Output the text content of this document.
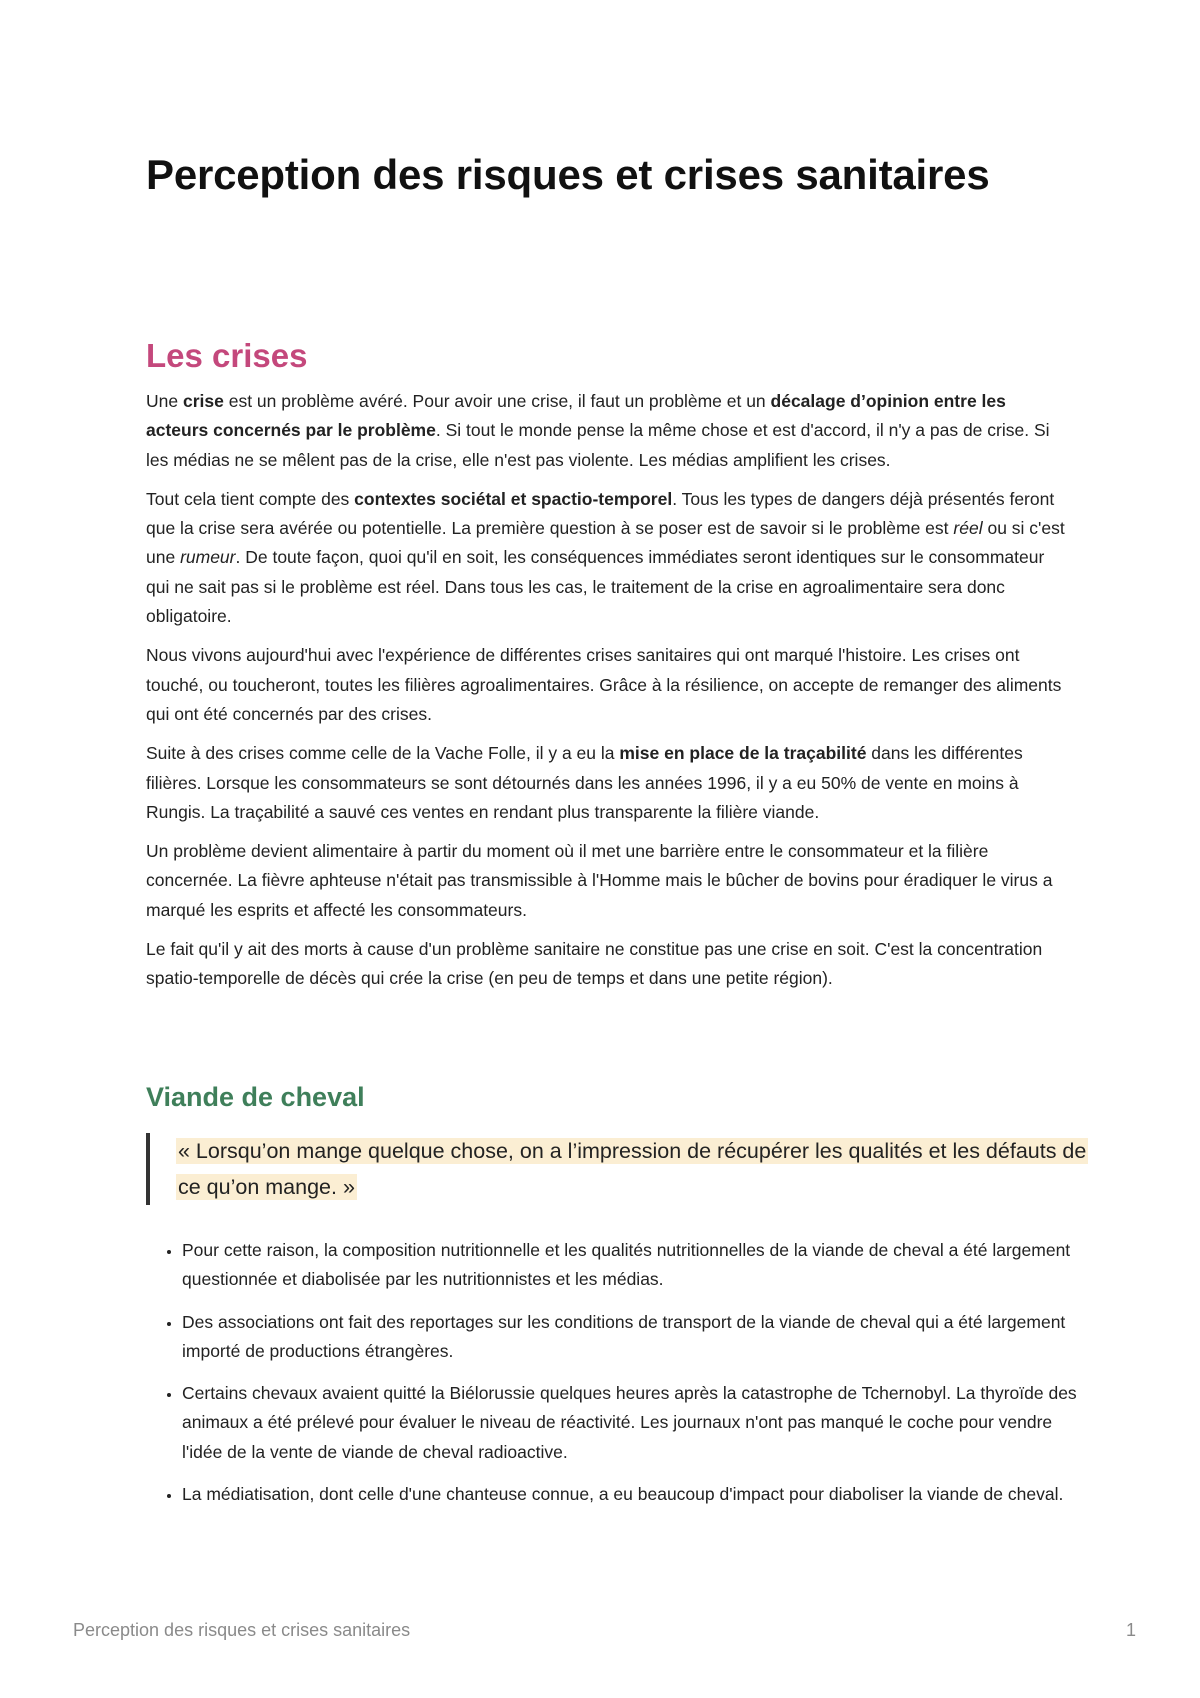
Perception des risques et crises sanitaires
Les crises

Une crise est un problème avéré. Pour avoir une crise, il faut un problème et un décalage d’opinion entre les acteurs concernés par le problème. Si tout le monde pense la même chose et est d'accord, il n'y a pas de crise. Si les médias ne se mêlent pas de la crise, elle n'est pas violente. Les médias amplifient les crises.

Tout cela tient compte des contextes sociétal et spactio-temporel. Tous les types de dangers déjà présentés feront que la crise sera avérée ou potentielle. La première question à se poser est de savoir si le problème est réel ou si c'est une rumeur. De toute façon, quoi qu'il en soit, les conséquences immédiates seront identiques sur le consommateur qui ne sait pas si le problème est réel. Dans tous les cas, le traitement de la crise en agroalimentaire sera donc obligatoire.

Nous vivons aujourd'hui avec l'expérience de différentes crises sanitaires qui ont marqué l'histoire. Les crises ont touché, ou toucheront, toutes les filières agroalimentaires. Grâce à la résilience, on accepte de remanger des aliments qui ont été concernés par des crises.

Suite à des crises comme celle de la Vache Folle, il y a eu la mise en place de la traçabilité dans les différentes filières. Lorsque les consommateurs se sont détournés dans les années 1996, il y a eu 50% de vente en moins à Rungis. La traçabilité a sauvé ces ventes en rendant plus transparente la filière viande.

Un problème devient alimentaire à partir du moment où il met une barrière entre le consommateur et la filière concernée. La fièvre aphteuse n'était pas transmissible à l'Homme mais le bûcher de bovins pour éradiquer le virus a marqué les esprits et affecté les consommateurs.

Le fait qu'il y ait des morts à cause d'un problème sanitaire ne constitue pas une crise en soit. C'est la concentration spatio-temporelle de décès qui crée la crise (en peu de temps et dans une petite région).

Viande de cheval
« Lorsqu’on mange quelque chose, on a l’impression de récupérer les qualités et les défauts de ce qu’on mange. »
• Pour cette raison, la composition nutritionnelle et les qualités nutritionnelles de la viande de cheval a été largement questionnée et diabolisée par les nutritionnistes et les médias.
• Des associations ont fait des reportages sur les conditions de transport de la viande de cheval qui a été largement importé de productions étrangères.
• Certains chevaux avaient quitté la Biélorussie quelques heures après la catastrophe de Tchernobyl. La thyroïde des animaux a été prélevé pour évaluer le niveau de réactivité. Les journaux n'ont pas manqué le coche pour vendre l'idée de la vente de viande de cheval radioactive.
• La médiatisation, dont celle d'une chanteuse connue, a eu beaucoup d'impact pour diaboliser la viande de cheval.
Perception des risques et crises sanitaires	1
